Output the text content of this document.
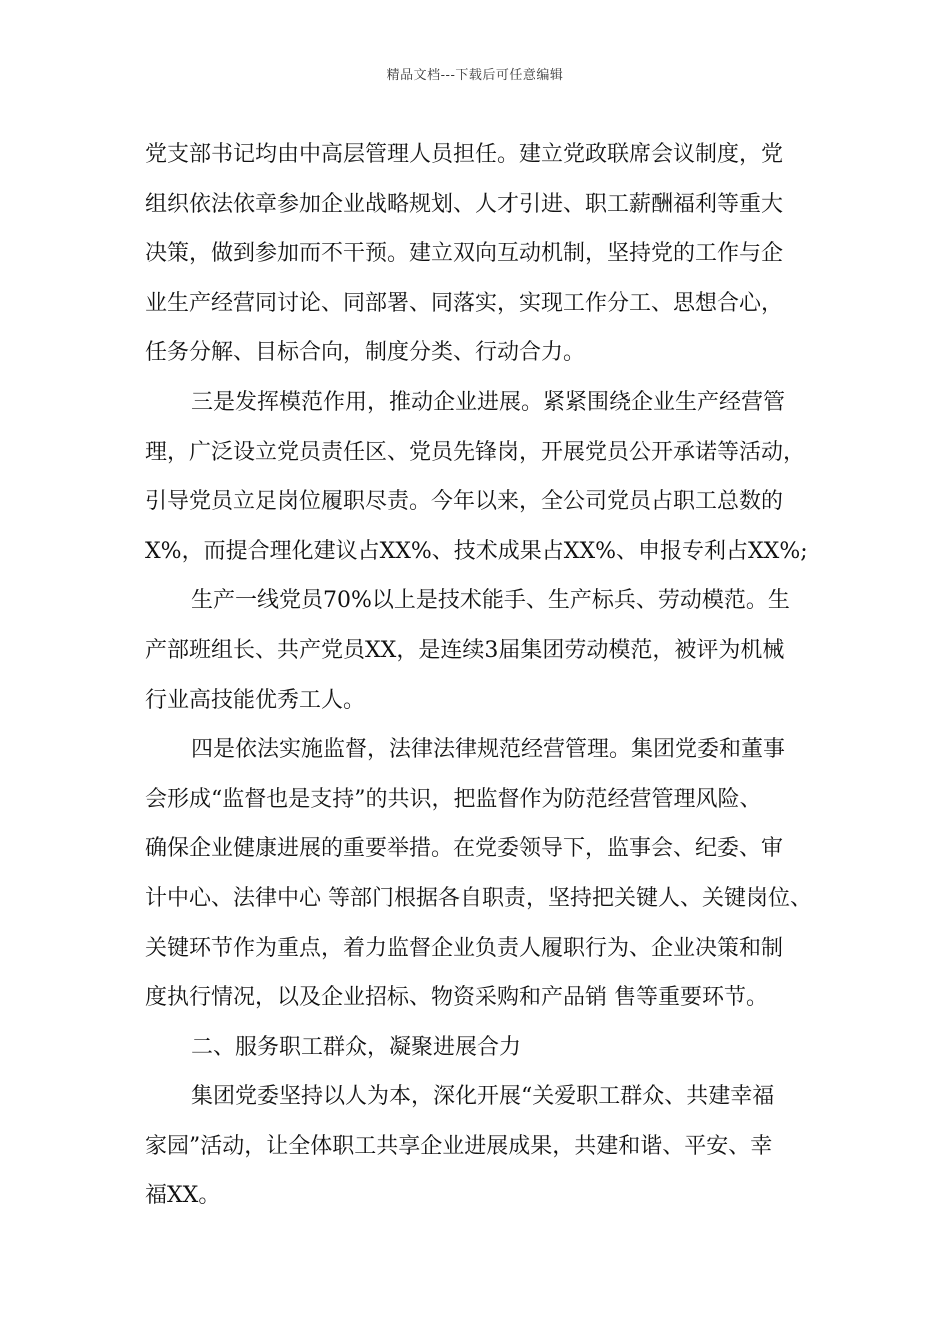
精品文档---下载后可任意编辑
党支部书记均由中高层管理人员担任。建立党政联席会议制度，党
组织依法依章参加企业战略规划、人才引进、职工薪酬福利等重大
决策，做到参加而不干预。建立双向互动机制，坚持党的工作与企
业生产经营同讨论、同部署、同落实，实现工作分工、思想合心，
任务分解、目标合向，制度分类、行动合力。
三是发挥模范作用，推动企业进展。紧紧围绕企业生产经营管
理，广泛设立党员责任区、党员先锋岗，开展党员公开承诺等活动，
引导党员立足岗位履职尽责。今年以来，全公司党员占职工总数的
X%，而提合理化建议占XX%、技术成果占XX%、申报专利占XX%;
生产一线党员70%以上是技术能手、生产标兵、劳动模范。生
产部班组长、共产党员XX，是连续3届集团劳动模范，被评为机械
行业高技能优秀工人。
四是依法实施监督，法律法律规范经营管理。集团党委和董事
会形成“监督也是支持”的共识，把监督作为防范经营管理风险、
确保企业健康进展的重要举措。在党委领导下，监事会、纪委、审
计中心、法律中心 等部门根据各自职责，坚持把关键人、关键岗位、
关键环节作为重点，着力监督企业负责人履职行为、企业决策和制
度执行情况，以及企业招标、物资采购和产品销 售等重要环节。
二、服务职工群众，凝聚进展合力
集团党委坚持以人为本，深化开展“关爱职工群众、共建幸福
家园”活动，让全体职工共享企业进展成果，共建和谐、平安、幸
福XX。
